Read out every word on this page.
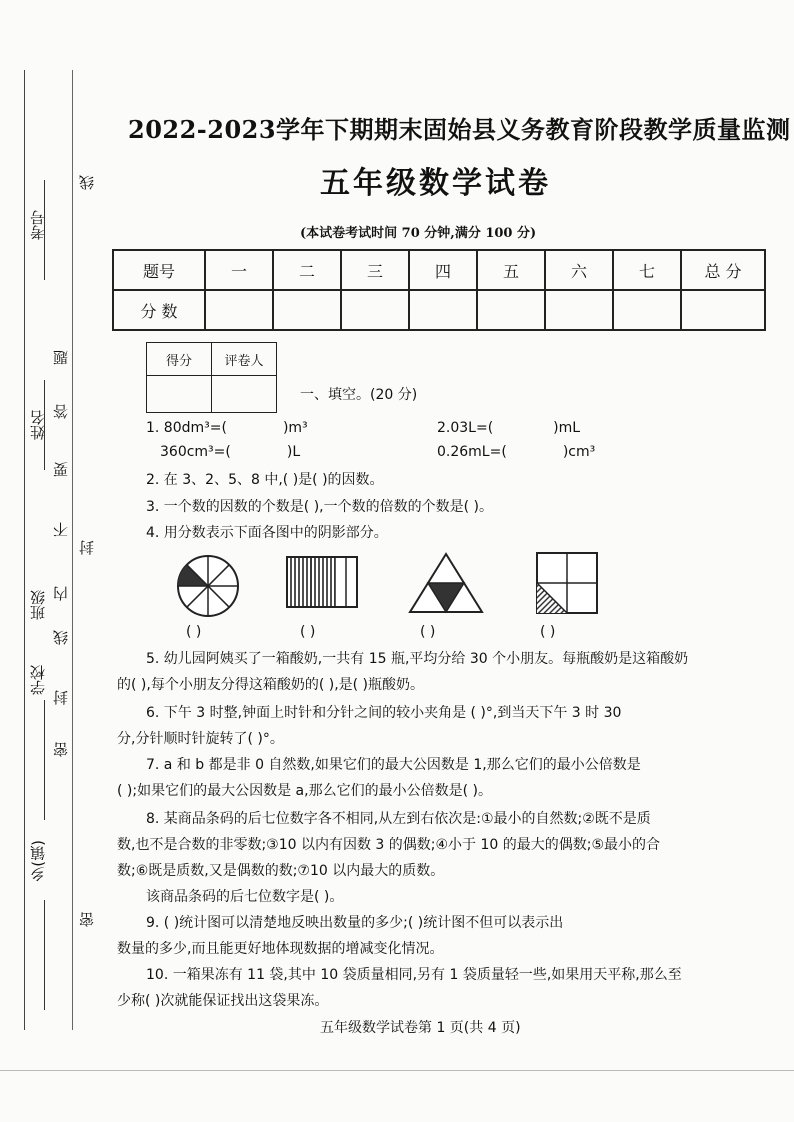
考号
姓名
班级
学校
乡(镇)
题
答
要
不
内
线
封
密
线
封
密
2022-2023学年下期期末固始县义务教育阶段教学质量监测
五年级数学试卷
(本试卷考试时间 70 分钟,满分 100 分)
题号	一	二	三	四	五	六	七	总 分
分 数								
得分	评卷人

一、填空。(20 分)
1. 80dm³=(	)m³	2.03L=(	)mL
360cm³=(	)L	0.26mL=(	)cm³
2. 在 3、2、5、8 中,( )是( )的因数。
3. 一个数的因数的个数是( ),一个数的倍数的个数是( )。
4. 用分数表示下面各图中的阴影部分。
( )	( )	( )	( )
5. 幼儿园阿姨买了一箱酸奶,一共有 15 瓶,平均分给 30 个小朋友。每瓶酸奶是这箱酸奶
的( ),每个小朋友分得这箱酸奶的( ),是( )瓶酸奶。
6. 下午 3 时整,钟面上时针和分针之间的较小夹角是 ( )°,到当天下午 3 时 30
分,分针顺时针旋转了( )°。
7. a 和 b 都是非 0 自然数,如果它们的最大公因数是 1,那么它们的最小公倍数是
( );如果它们的最大公因数是 a,那么它们的最小公倍数是( )。
8. 某商品条码的后七位数字各不相同,从左到右依次是:①最小的自然数;②既不是质
数,也不是合数的非零数;③10 以内有因数 3 的偶数;④小于 10 的最大的偶数;⑤最小的合
数;⑥既是质数,又是偶数的数;⑦10 以内最大的质数。
该商品条码的后七位数字是( )。
9. ( )统计图可以清楚地反映出数量的多少;( )统计图不但可以表示出
数量的多少,而且能更好地体现数据的增减变化情况。
10. 一箱果冻有 11 袋,其中 10 袋质量相同,另有 1 袋质量轻一些,如果用天平称,那么至
少称( )次就能保证找出这袋果冻。
五年级数学试卷第 1 页(共 4 页)
